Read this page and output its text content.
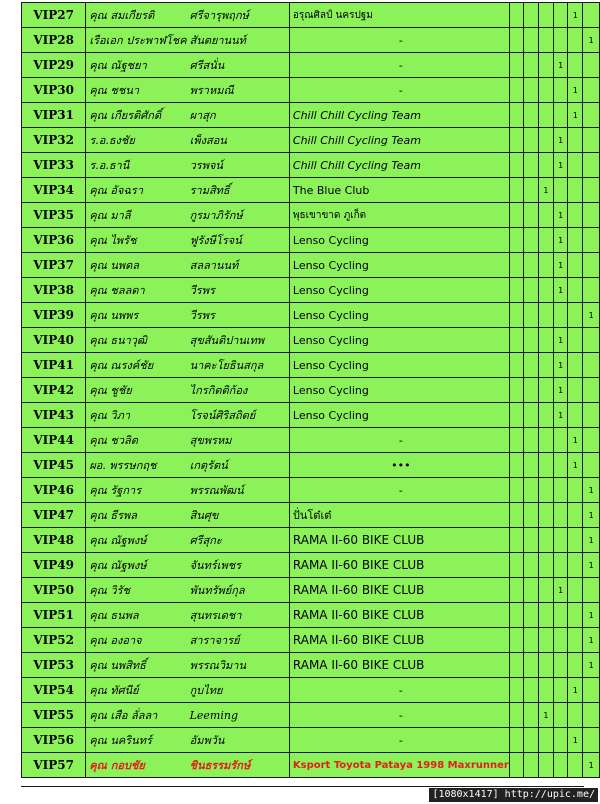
VIP27	คุณ สมเกียรติ	ศรีจารุพฤกษ์	อรุณศิลป์ นครปฐม					1	
VIP28	เรือเอก ประพาฬโชค	สันตยานนท์	-						1
VIP29	คุณ ณัฐชยา	ศรีสนั่น	-				1		
VIP30	คุณ ชชนา	พราหมณี	-					1	
VIP31	คุณ เกียรติศักดิ์	ผาสุก	Chill Chill Cycling Team					1	
VIP32	ร.อ.ธงชัย	เพ็งสอน	Chill Chill Cycling Team				1		
VIP33	ร.อ.ธานี	วรพจน์	Chill Chill Cycling Team				1		
VIP34	คุณ อัจฉรา	รามสิทธิ์	The Blue Club			1			
VIP35	คุณ มาลี	กูรมาภิรักษ์	พุธเขาขาด ภูเก็ต				1		
VIP36	คุณ ไพรัช	ฟูรังษีโรจน์	Lenso Cycling				1		
VIP37	คุณ นพดล	สลลานนท์	Lenso Cycling				1		
VIP38	คุณ ชลลดา	วีรพร	Lenso Cycling				1		
VIP39	คุณ นพพร	วีรพร	Lenso Cycling						1
VIP40	คุณ ธนาวุฒิ	สุขสันติปานเทพ	Lenso Cycling				1		
VIP41	คุณ ณรงค์ชัย	นาคะโยธินสกุล	Lenso Cycling				1		
VIP42	คุณ ชูชัย	ไกรกิตติก้อง	Lenso Cycling				1		
VIP43	คุณ วิภา	โรจน์ศิริสถิตย์	Lenso Cycling				1		
VIP44	คุณ ชวลิต	สุขพรหม	-					1	
VIP45	ผอ. พรรษกฤช	เกตุรัตน์	•••					1	
VIP46	คุณ รัฐการ	พรรณพัฒน์	-						1
VIP47	คุณ ธีรพล	สินศุข	ปั่นโต๋เต๋						1
VIP48	คุณ ณัฐพงษ์	ศรีสุกะ	RAMA II-60 BIKE CLUB						1
VIP49	คุณ ณัฐพงษ์	จันทร์เพชร	RAMA II-60 BIKE CLUB						1
VIP50	คุณ วิรัช	พันทรัพย์กุล	RAMA II-60 BIKE CLUB				1		
VIP51	คุณ ธนพล	สุนทรเดชา	RAMA II-60 BIKE CLUB						1
VIP52	คุณ องอาจ	สาราจารย์	RAMA II-60 BIKE CLUB						1
VIP53	คุณ นพสิทธิ์	พรรณวิมาน	RAMA II-60 BIKE CLUB						1
VIP54	คุณ ทัศนีย์	กูบไทย	-					1	
VIP55	คุณ เสือ ลั่ลลา	Leeming	-			1			
VIP56	คุณ นครินทร์	อัมพวัน	-					1	
VIP57	คุณ กอบชัย	ชินธรรมรักษ์	Ksport Toyota Pataya 1998 Maxrunner						1
[1080x1417] http://upic.me/
